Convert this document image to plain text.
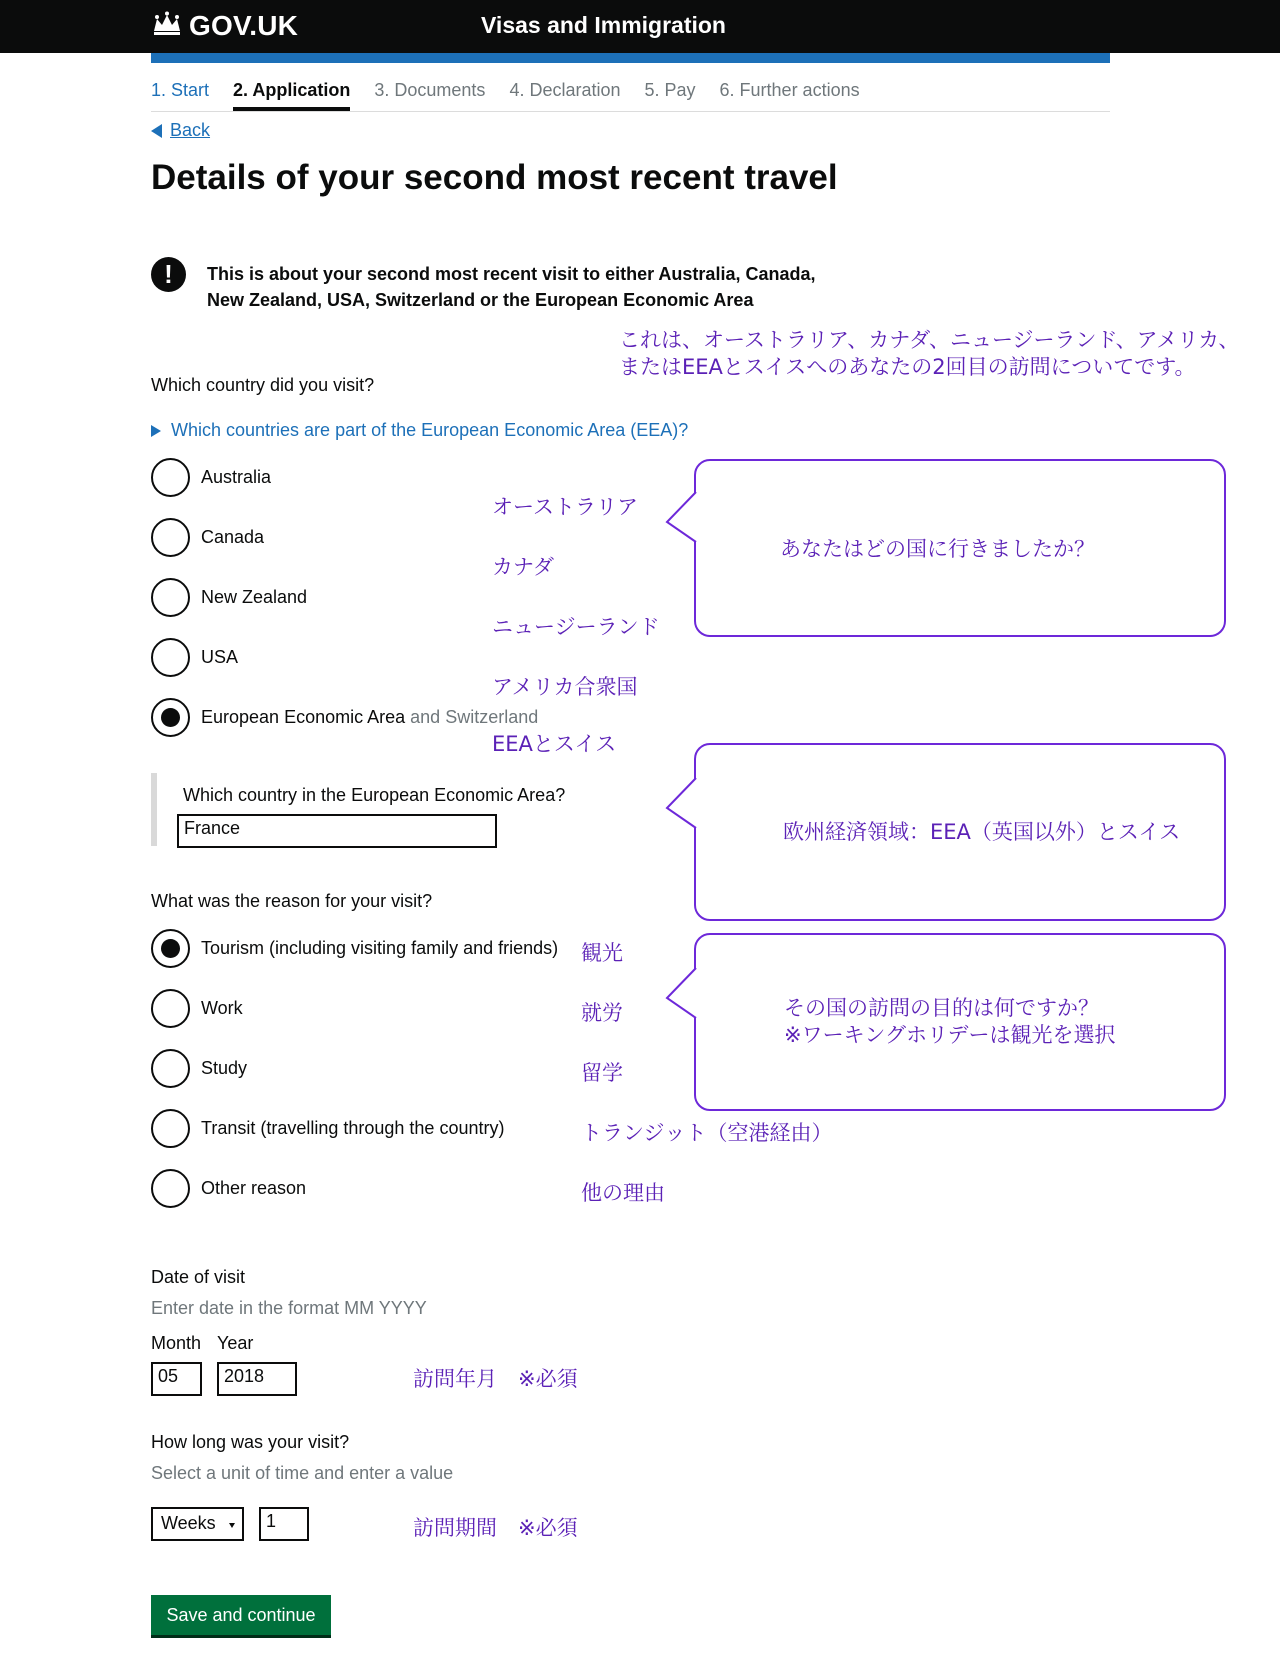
GOV.UK	Visas and Immigration
1. Start 2. Application 3. Documents 4. Declaration 5. Pay 6. Further actions
Back
Details of your second most recent travel
!	This is about your second most recent visit to either Australia, Canada, New Zealand, USA, Switzerland or the European Economic Area
これは、オーストラリア、カナダ、ニュージーランド、アメリカ、
またはEEAとスイスへのあなたの2回目の訪問についてです。
Which country did you visit?
Which countries are part of the European Economic Area (EEA)?
Australia
Canada
New Zealand
USA
European Economic Area and Switzerland
オーストラリア
カナダ
ニュージーランド
アメリカ合衆国
EEAとスイス
あなたはどの国に行きましたか？
Which country in the European Economic Area?
France	欧州経済領域：EEA（英国以外）とスイス
What was the reason for your visit?
Tourism (including visiting family and friends)
Work
Study
Transit (travelling through the country)
Other reason
観光
就労
留学
トランジット（空港経由）
他の理由
その国の訪問の目的は何ですか？
※ワーキングホリデーは観光を選択
Date of visit
Enter date in the format MM YYYY
Month Year
05	2018	訪問年月　※必須
How long was your visit?
Select a unit of time and enter a value
Weeks	1	訪問期間　※必須
Save and continue
